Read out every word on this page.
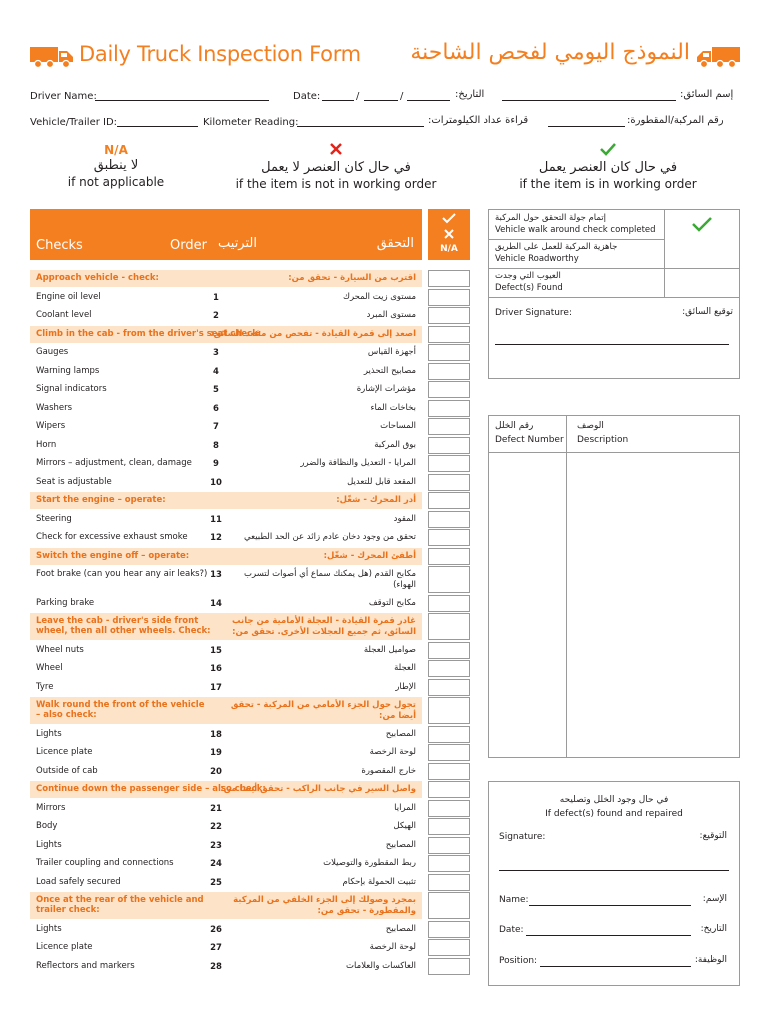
Daily Truck Inspection Form النموذج اليومي لفحص الشاحنة
Driver Name:	Date:	/	/	التاريخ:	إسم السائق:
Vehicle/Trailer ID:	Kilometer Reading:	قراءة عداد الكيلومترات:	رقم المركبة/المقطورة:
N/A
لا ينطبق
if not applicable
في حال كان العنصر لا يعمل
if the item is not in working order
في حال كان العنصر يعمل
if the item is in working order
Checks	Order الترتيب	التحقق	N/A
Approach vehicle - check:	اقترب من السيارة - تحقق من:
Engine oil level	1	مستوى زيت المحرك
Coolant level	2	مستوى المبرد
Climb in the cab - from the driver's seat check:
اصعد إلى قمرة القيادة - تفحص من مقعد السائق:
Gauges	3	أجهزة القياس
Warning lamps	4	مصابيح التحذير
Signal indicators	5	مؤشرات الإشارة
Washers	6	بخاخات الماء
Wipers	7	المساحات
Horn	8	بوق المركبة
Mirrors – adjustment, clean, damage	9	المرايا - التعديل والنظافة والضرر
Seat is adjustable	10	المقعد قابل للتعديل
Start the engine – operate:	أدر المحرك - شغّل:
Steering	11	المقود
Check for excessive exhaust smoke	12	تحقق من وجود دخان عادم زائد عن الحد الطبيعي
Switch the engine off – operate:	أطفئ المحرك - شغّل:
Foot brake (can you hear any air leaks?) 13	مكابح القدم (هل يمكنك سماع أي أصوات لتسرب الهواء)
Parking brake	14	مكابح التوقف
Leave the cab - driver's side front wheel, then all other wheels. Check:
غادر قمرة القيادة - العجلة الأمامية من جانب السائق، ثم جميع العجلات الأخرى. تحقق من:
Wheel nuts	15	صواميل العجلة
Wheel	16	العجلة
Tyre	17	الإطار
Walk round the front of the vehicle – also check:
تجول حول الجزء الأمامي من المركبة - تحقق أيضا من:
Lights	18	المصابيح
Licence plate	19	لوحة الرخصة
Outside of cab	20	خارج المقصورة
Continue down the passenger side – also check:
واصل السير في جانب الراكب - تحقق أيضا من:
Mirrors	21	المرايا
Body	22	الهيكل
Lights	23	المصابيح
Trailer coupling and connections	24	ربط المقطورة والتوصيلات
Load safely secured	25	تثبيت الحمولة بإحكام
Once at the rear of the vehicle and trailer check:
بمجرد وصولك إلى الجزء الخلفي من المركبة والمقطورة - تحقق من:
Lights	26	المصابيح
Licence plate	27	لوحة الرخصة
Reflectors and markers	28	العاكسات والعلامات
إتمام جولة التحقق حول المركبة
Vehicle walk around check completed
جاهزية المركبة للعمل على الطريق
Vehicle Roadworthy
العيوب التي وجدت
Defect(s) Found
Driver Signature:	توقيع السائق:
رقم الخلل
Defect Number
الوصف
Description
في حال وجود الخلل وتصليحه
If defect(s) found and repaired
Signature:	التوقيع:
Name:	الإسم:
Date:	التاريخ:
Position:	الوظيفة:
